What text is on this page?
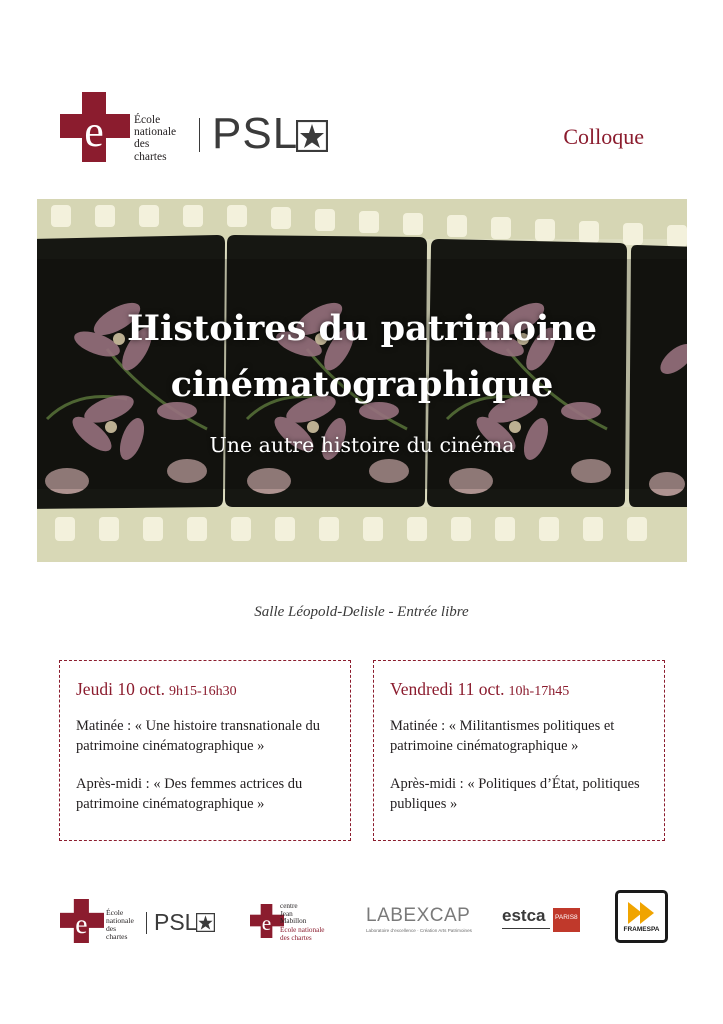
e	École
nationale
des
chartes PSL	Colloque
Histoires du patrimoine
cinématographique
Une autre histoire du cinéma
Salle Léopold-Delisle - Entrée libre
Jeudi 10 oct. 9h15-16h30
Matinée : « Une histoire transnationale du patrimoine cinématographique »
Après-midi : « Des femmes actrices du patrimoine cinématographique »
Vendredi 11 oct. 10h-17h45
Matinée : « Militantismes politiques et patrimoine cinématographique »
Après-midi : « Politiques d’État, politiques publiques »
e École
nationale
des
chartes
PSL e
centre
Jean
Mabillon
École nationale
des chartes
LABEXCAP
Laboratoire d’excellence · Création Arts Patrimoines
estca PARIS8
FRAMESPA
